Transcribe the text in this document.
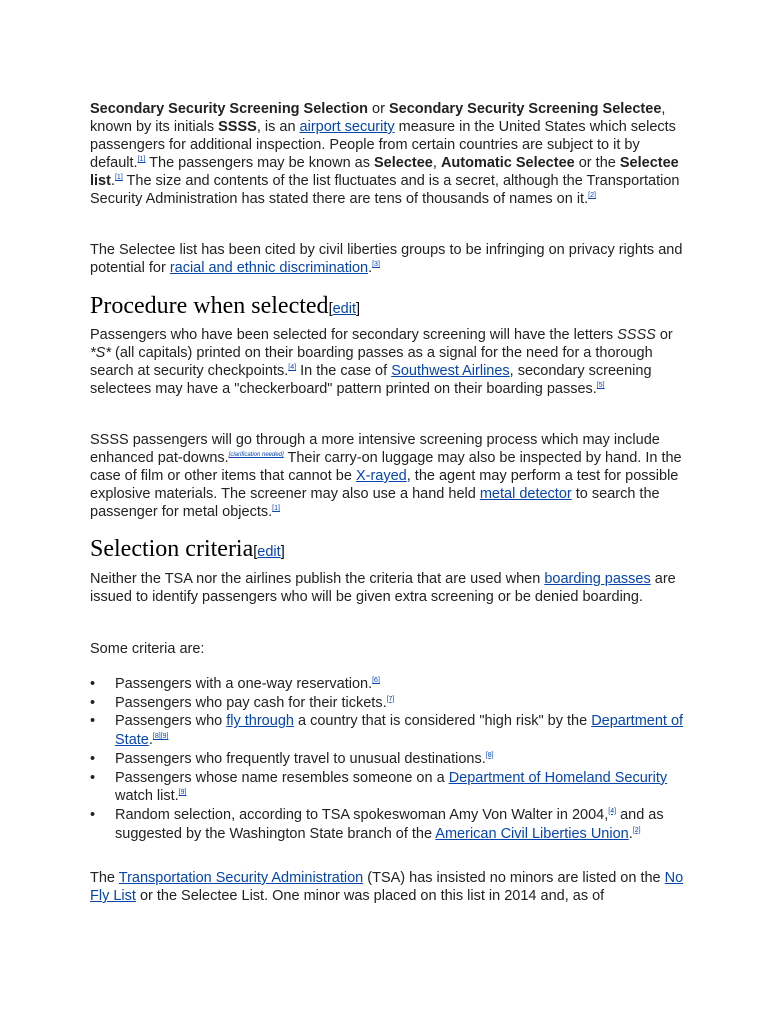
Secondary Security Screening Selection or Secondary Security Screening Selectee, known by its initials SSSS, is an airport security measure in the United States which selects passengers for additional inspection. People from certain countries are subject to it by default.[1] The passengers may be known as Selectee, Automatic Selectee or the Selectee list.[1] The size and contents of the list fluctuates and is a secret, although the Transportation Security Administration has stated there are tens of thousands of names on it.[2]

The Selectee list has been cited by civil liberties groups to be infringing on privacy rights and potential for racial and ethnic discrimination.[3]

Procedure when selected[edit]

Passengers who have been selected for secondary screening will have the letters SSSS or *S* (all capitals) printed on their boarding passes as a signal for the need for a thorough search at security checkpoints.[4] In the case of Southwest Airlines, secondary screening selectees may have a "checkerboard" pattern printed on their boarding passes.[5]

SSSS passengers will go through a more intensive screening process which may include enhanced pat-downs.[clarification needed] Their carry-on luggage may also be inspected by hand. In the case of film or other items that cannot be X-rayed, the agent may perform a test for possible explosive materials. The screener may also use a hand held metal detector to search the passenger for metal objects.[1]

Selection criteria[edit]

Neither the TSA nor the airlines publish the criteria that are used when boarding passes are issued to identify passengers who will be given extra screening or be denied boarding.

Some criteria are:

• Passengers with a one-way reservation.[6]
• Passengers who pay cash for their tickets.[7]
• Passengers who fly through a country that is considered "high risk" by the Department of State.[8][9]
• Passengers who frequently travel to unusual destinations.[8]
• Passengers whose name resembles someone on a Department of Homeland Security watch list.[9]
• Random selection, according to TSA spokeswoman Amy Von Walter in 2004,[4] and as suggested by the Washington State branch of the American Civil Liberties Union.[2]

The Transportation Security Administration (TSA) has insisted no minors are listed on the No Fly List or the Selectee List. One minor was placed on this list in 2014 and, as of
